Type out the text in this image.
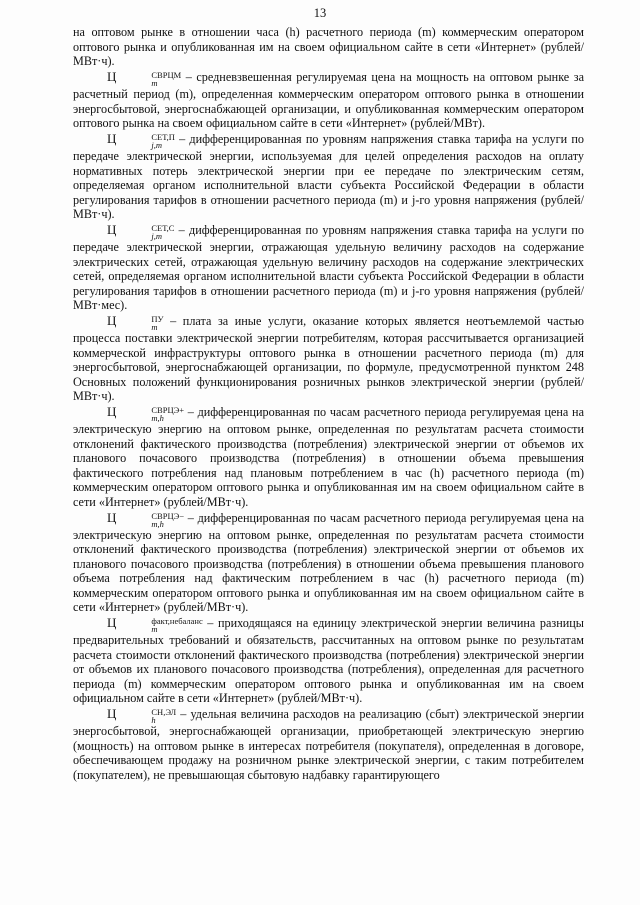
13

на оптовом рынке в отношении часа (h) расчетного периода (m) коммерческим оператором оптового рынка и опубликованная им на своем официальном сайте в сети «Интернет» (рублей/МВт·ч).

Ц	СВРЦМ
m	– средневзвешенная регулируемая цена на мощность на оптовом рынке за расчетный период (m), определенная коммерческим оператором оптового рынка в отношении энергосбытовой, энергоснабжающей организации, и опубликованная коммерческим оператором оптового рынка на своем официальном сайте в сети «Интернет» (рублей/МВт).

Ц	СЕТ,П
j,m	– дифференцированная по уровням напряжения ставка тарифа на услуги по передаче электрической энергии, используемая для целей определения расходов на оплату нормативных потерь электрической энергии при ее передаче по электрическим сетям, определяемая органом исполнительной власти субъекта Российской Федерации в области регулирования тарифов в отношении расчетного периода (m) и j-го уровня напряжения (рублей/МВт·ч).

Ц	СЕТ,С
j,m	– дифференцированная по уровням напряжения ставка тарифа на услуги по передаче электрической энергии, отражающая удельную величину расходов на содержание электрических сетей, отражающая удельную величину расходов на содержание электрических сетей, определяемая органом исполнительной власти субъекта Российской Федерации в области регулирования тарифов в отношении расчетного периода (m) и j-го уровня напряжения (рублей/МВт·мес).

Ц	ПУ
m – плата за иные услуги, оказание которых является неотъемлемой частью процесса поставки электрической энергии потребителям, которая рассчитывается организацией коммерческой инфраструктуры оптового рынка в отношении расчетного периода (m) для энергосбытовой, энергоснабжающей организации, по формуле, предусмотренной пунктом 248 Основных положений функционирования розничных рынков электрической энергии (рублей/МВт·ч).

Ц	СВРЦЭ+
m,h	– дифференцированная по часам расчетного периода регулируемая цена на электрическую энергию на оптовом рынке, определенная по результатам расчета стоимости отклонений фактического производства (потребления) электрической энергии от объемов их планового почасового производства (потребления) в отношении объема превышения фактического потребления над плановым потреблением в час (h) расчетного периода (m) коммерческим оператором оптового рынка и опубликованная им на своем официальном сайте в сети «Интернет» (рублей/МВт·ч).

Ц	СВРЦЭ−
m,h	– дифференцированная по часам расчетного периода регулируемая цена на электрическую энергию на оптовом рынке, определенная по результатам расчета стоимости отклонений фактического производства (потребления) электрической энергии от объемов их планового почасового производства (потребления) в отношении объема превышения планового объема потребления над фактическим потреблением в час (h) расчетного периода (m) коммерческим оператором оптового рынка и опубликованная им на своем официальном сайте в сети «Интернет» (рублей/МВт·ч).

Ц	факт,небаланс
m	– приходящаяся на единицу электрической энергии величина разницы предварительных требований и обязательств, рассчитанных на оптовом рынке по результатам расчета стоимости отклонений фактического производства (потребления) электрической энергии от объемов их планового почасового производства (потребления), определенная для расчетного периода (m) коммерческим оператором оптового рынка и опубликованная им на своем официальном сайте в сети «Интернет» (рублей/МВт·ч).

Ц	СН,ЭЛ
h	– удельная величина расходов на реализацию (сбыт) электрической энергии энергосбытовой, энергоснабжающей организации, приобретающей электрическую энергию (мощность) на оптовом рынке в интересах потребителя (покупателя), определенная в договоре, обеспечивающем продажу на розничном рынке электрической энергии, с таким потребителем (покупателем), не превышающая сбытовую надбавку гарантирующего
